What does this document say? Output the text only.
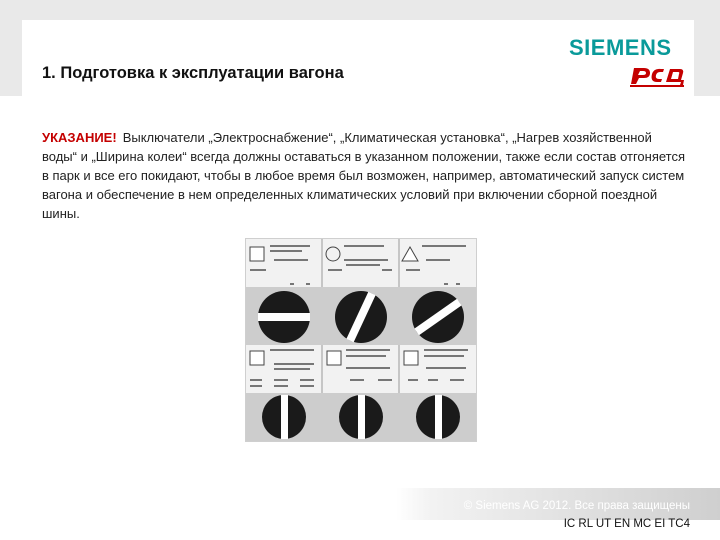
1. Подготовка к эксплуатации вагона
SIEMENS
УКАЗАНИЕ! Выключатели „Электроснабжение“, „Климатическая установка“, „Нагрев хозяйственной воды“ и „Ширина колеи“ всегда должны оставаться в указанном положении, также если состав отгоняется в парк и все его покидают, чтобы в любое время был возможен, например, автоматический запуск систем вагона и обеспечение в нем определенных климатических условий при включении сборной поездной шины.
© Siemens AG 2012. Все права защищены
IC RL UT EN MC EI TC4
